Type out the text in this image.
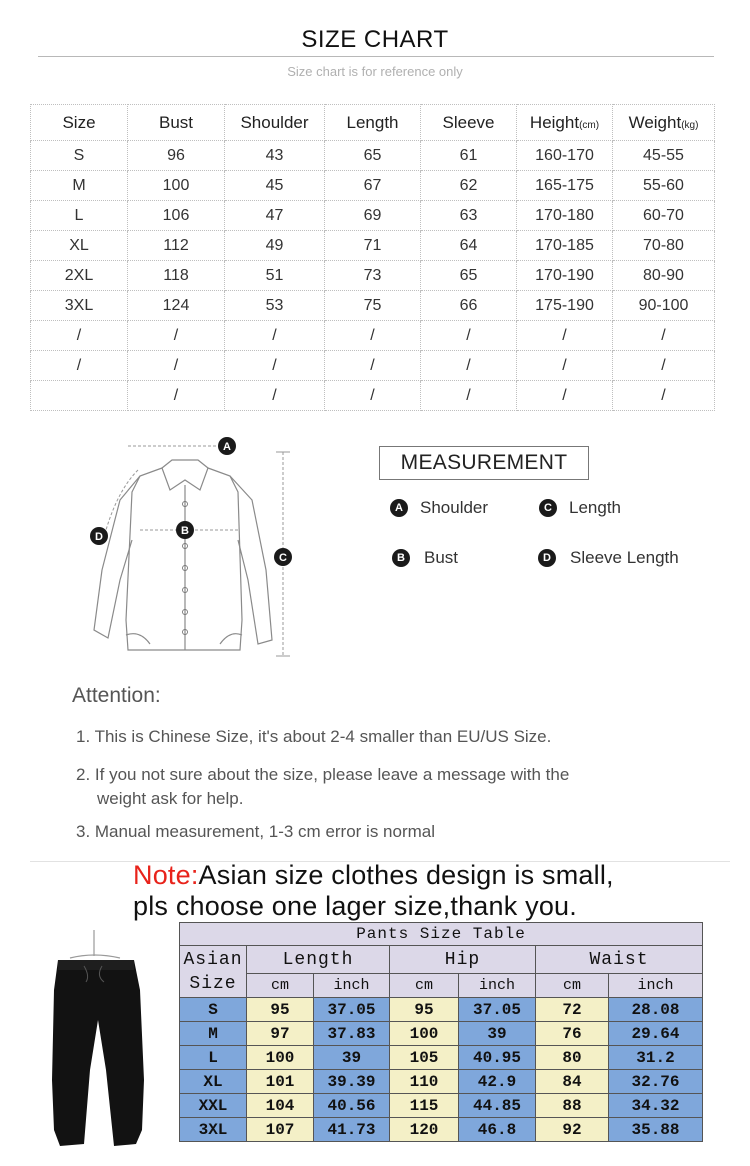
SIZE CHART
Size chart is for reference only
Size	Bust	Shoulder	Length	Sleeve	Height(cm)	Weight(kg)
S	96	43	65	61	160-170	45-55
M	100	45	67	62	165-175	55-60
L	106	47	69	63	170-180	60-70
XL	112	49	71	64	170-185	70-80
2XL	118	51	73	65	170-190	80-90
3XL	124	53	75	66	175-190	90-100
/	/	/	/	/	/	/
/	/	/	/	/	/	/
	/	/	/	/	/	/
A
B
C
D
MEASUREMENT
A Shoulder	C Length
B Bust	D Sleeve Length
Attention:
1. This is Chinese Size, it's about 2-4 smaller than EU/US Size.
2. If you not sure about the size, please leave a message with the
weight ask for help.
3. Manual measurement, 1-3 cm error is normal
Note:Asian size clothes design is small,
pls choose one lager size,thank you.
Pants Size Table						
Asian
Size	Length		Hip		Waist	
	cm	inch	cm	inch	cm	inch
S	95	37.05	95	37.05	72	28.08
M	97	37.83	100	39	76	29.64
L	100	39	105	40.95	80	31.2
XL	101	39.39	110	42.9	84	32.76
XXL	104	40.56	115	44.85	88	34.32
3XL	107	41.73	120	46.8	92	35.88
